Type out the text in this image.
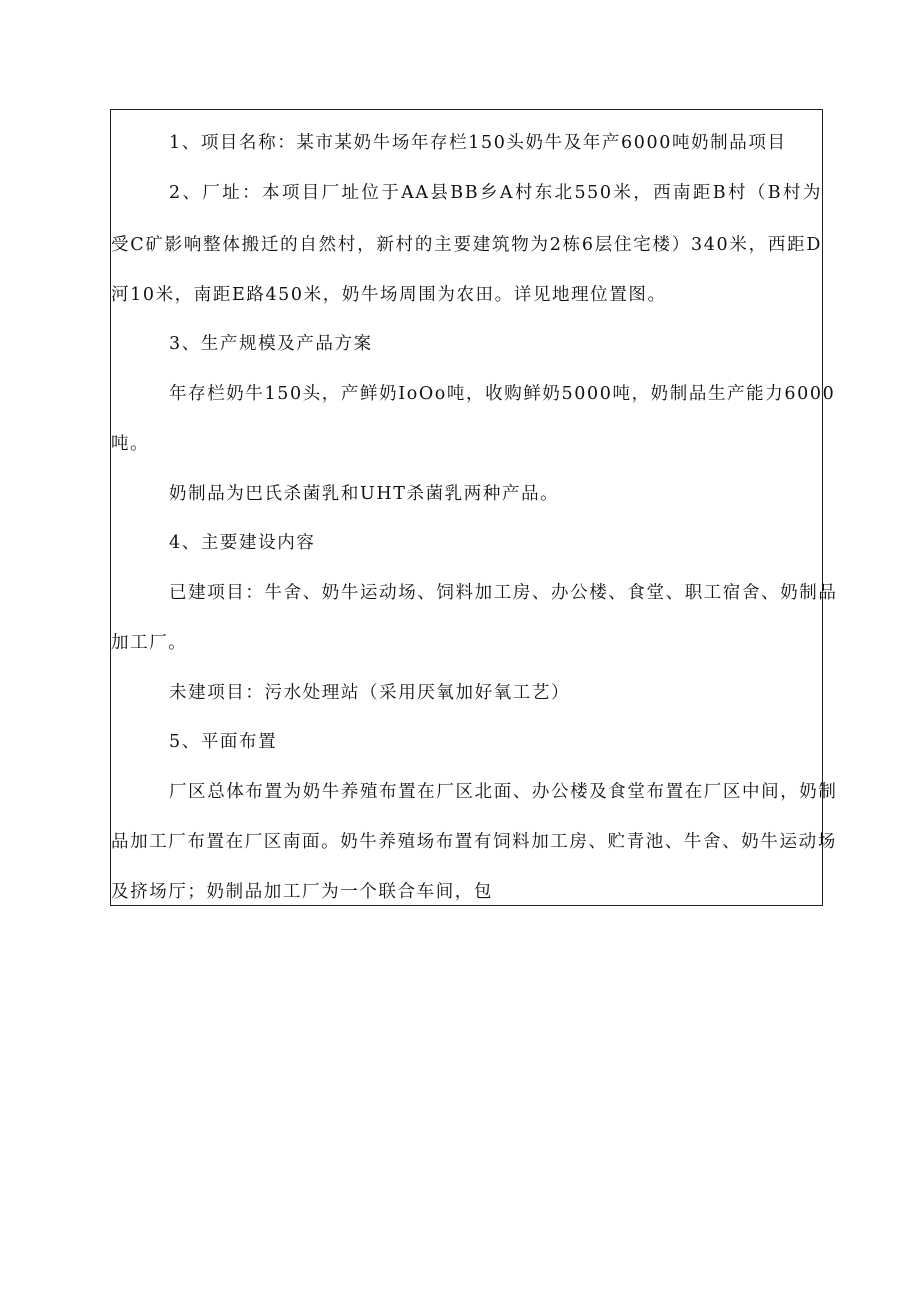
1、项目名称：某市某奶牛场年存栏150头奶牛及年产6000吨奶制品项目

2、厂址：本项目厂址位于AA县BB乡A村东北550米，西南距B村（B村为

受C矿影响整体搬迁的自然村，新村的主要建筑物为2栋6层住宅楼）340米，西距D

河10米，南距E路450米，奶牛场周围为农田。详见地理位置图。

3、生产规模及产品方案

年存栏奶牛150头，产鲜奶IoOo吨，收购鲜奶5000吨，奶制品生产能力6000

吨。

奶制品为巴氏杀菌乳和UHT杀菌乳两种产品。

4、主要建设内容

已建项目：牛舍、奶牛运动场、饲料加工房、办公楼、食堂、职工宿舍、奶制品

加工厂。

未建项目：污水处理站（采用厌氧加好氧工艺）

5、平面布置

厂区总体布置为奶牛养殖布置在厂区北面、办公楼及食堂布置在厂区中间，奶制

品加工厂布置在厂区南面。奶牛养殖场布置有饲料加工房、贮青池、牛舍、奶牛运动场

及挤场厅；奶制品加工厂为一个联合车间，包
